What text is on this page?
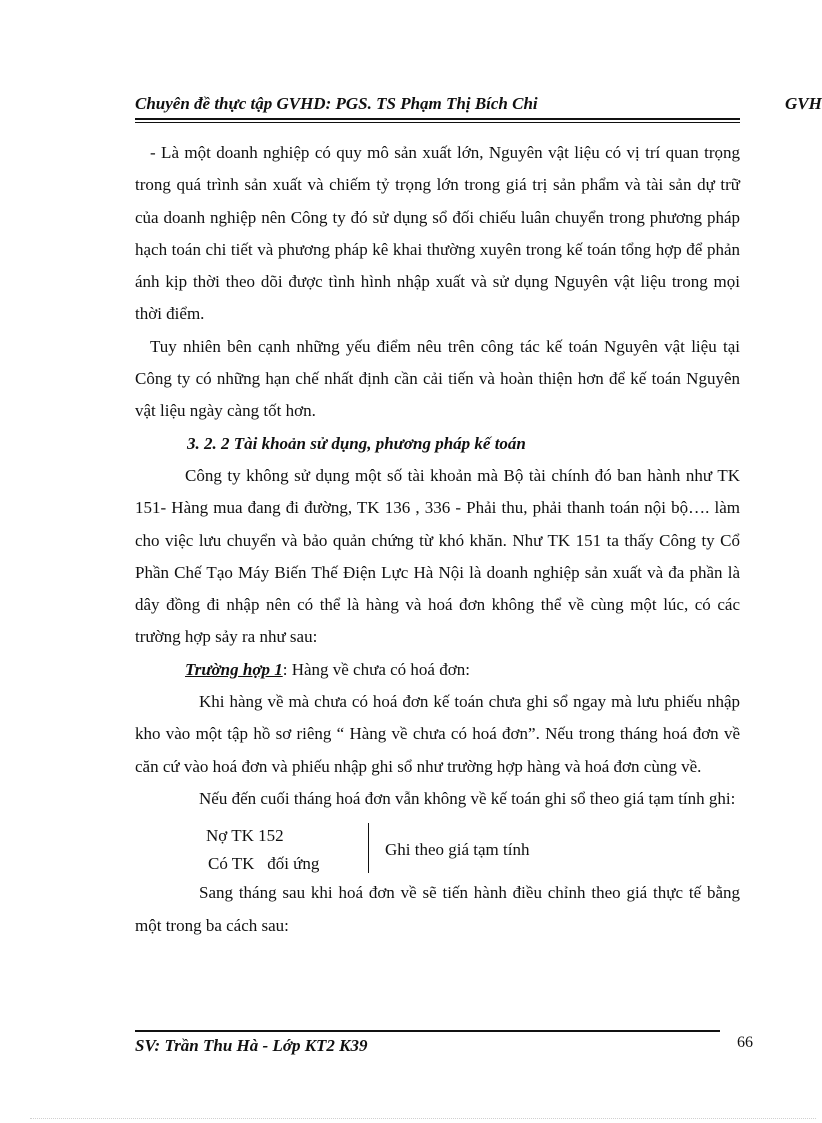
Chuyên đề thực tập GVHD: PGS. TS Phạm Thị Bích Chi	GVH

- Là một doanh nghiệp có quy mô sản xuất lớn, Nguyên vật liệu có vị trí quan trọng trong quá trình sản xuất và chiếm tỷ trọng lớn trong giá trị sản phẩm và tài sản dự trữ của doanh nghiệp nên Công ty đó sử dụng sổ đối chiếu luân chuyển trong phương pháp hạch toán chi tiết và phương pháp kê khai thường xuyên trong kế toán tổng hợp để phản ánh kịp thời theo dõi được tình hình nhập xuất và sử dụng Nguyên vật liệu trong mọi thời điểm.

Tuy nhiên bên cạnh những yếu điểm nêu trên công tác kế toán Nguyên vật liệu tại Công ty có những hạn chế nhất định cần cải tiến và hoàn thiện hơn để kế toán Nguyên vật liệu ngày càng tốt hơn.

3. 2. 2 Tài khoản sử dụng, phương pháp kế toán

Công ty không sử dụng một số tài khoản mà Bộ tài chính đó ban hành như TK 151- Hàng mua đang đi đường, TK 136 , 336 - Phải thu, phải thanh toán nội bộ…. làm cho việc lưu chuyển và bảo quản chứng từ khó khăn. Như TK 151 ta thấy Công ty Cổ Phần Chế Tạo Máy Biến Thế Điện Lực Hà Nội là doanh nghiệp sản xuất và đa phần là dây đồng đi nhập nên có thể là hàng và hoá đơn không thể về cùng một lúc, có các trường hợp sảy ra như sau:

Trường hợp 1: Hàng về chưa có hoá đơn:

Khi hàng về mà chưa có hoá đơn kế toán chưa ghi sổ ngay mà lưu phiếu nhập kho vào một tập hồ sơ riêng “ Hàng về chưa có hoá đơn”. Nếu trong tháng hoá đơn về căn cứ vào hoá đơn và phiếu nhập ghi sổ như trường hợp hàng và hoá đơn cùng về.

Nếu đến cuối tháng hoá đơn vẫn không về kế toán ghi sổ theo giá tạm tính ghi:

Nợ TK 152
Có TK   đối ứng
Ghi theo giá tạm tính

Sang tháng sau khi hoá đơn về sẽ tiến hành điều chỉnh theo giá thực tế bằng một trong ba cách sau:

SV: Trần Thu Hà - Lớp KT2 K39	66
